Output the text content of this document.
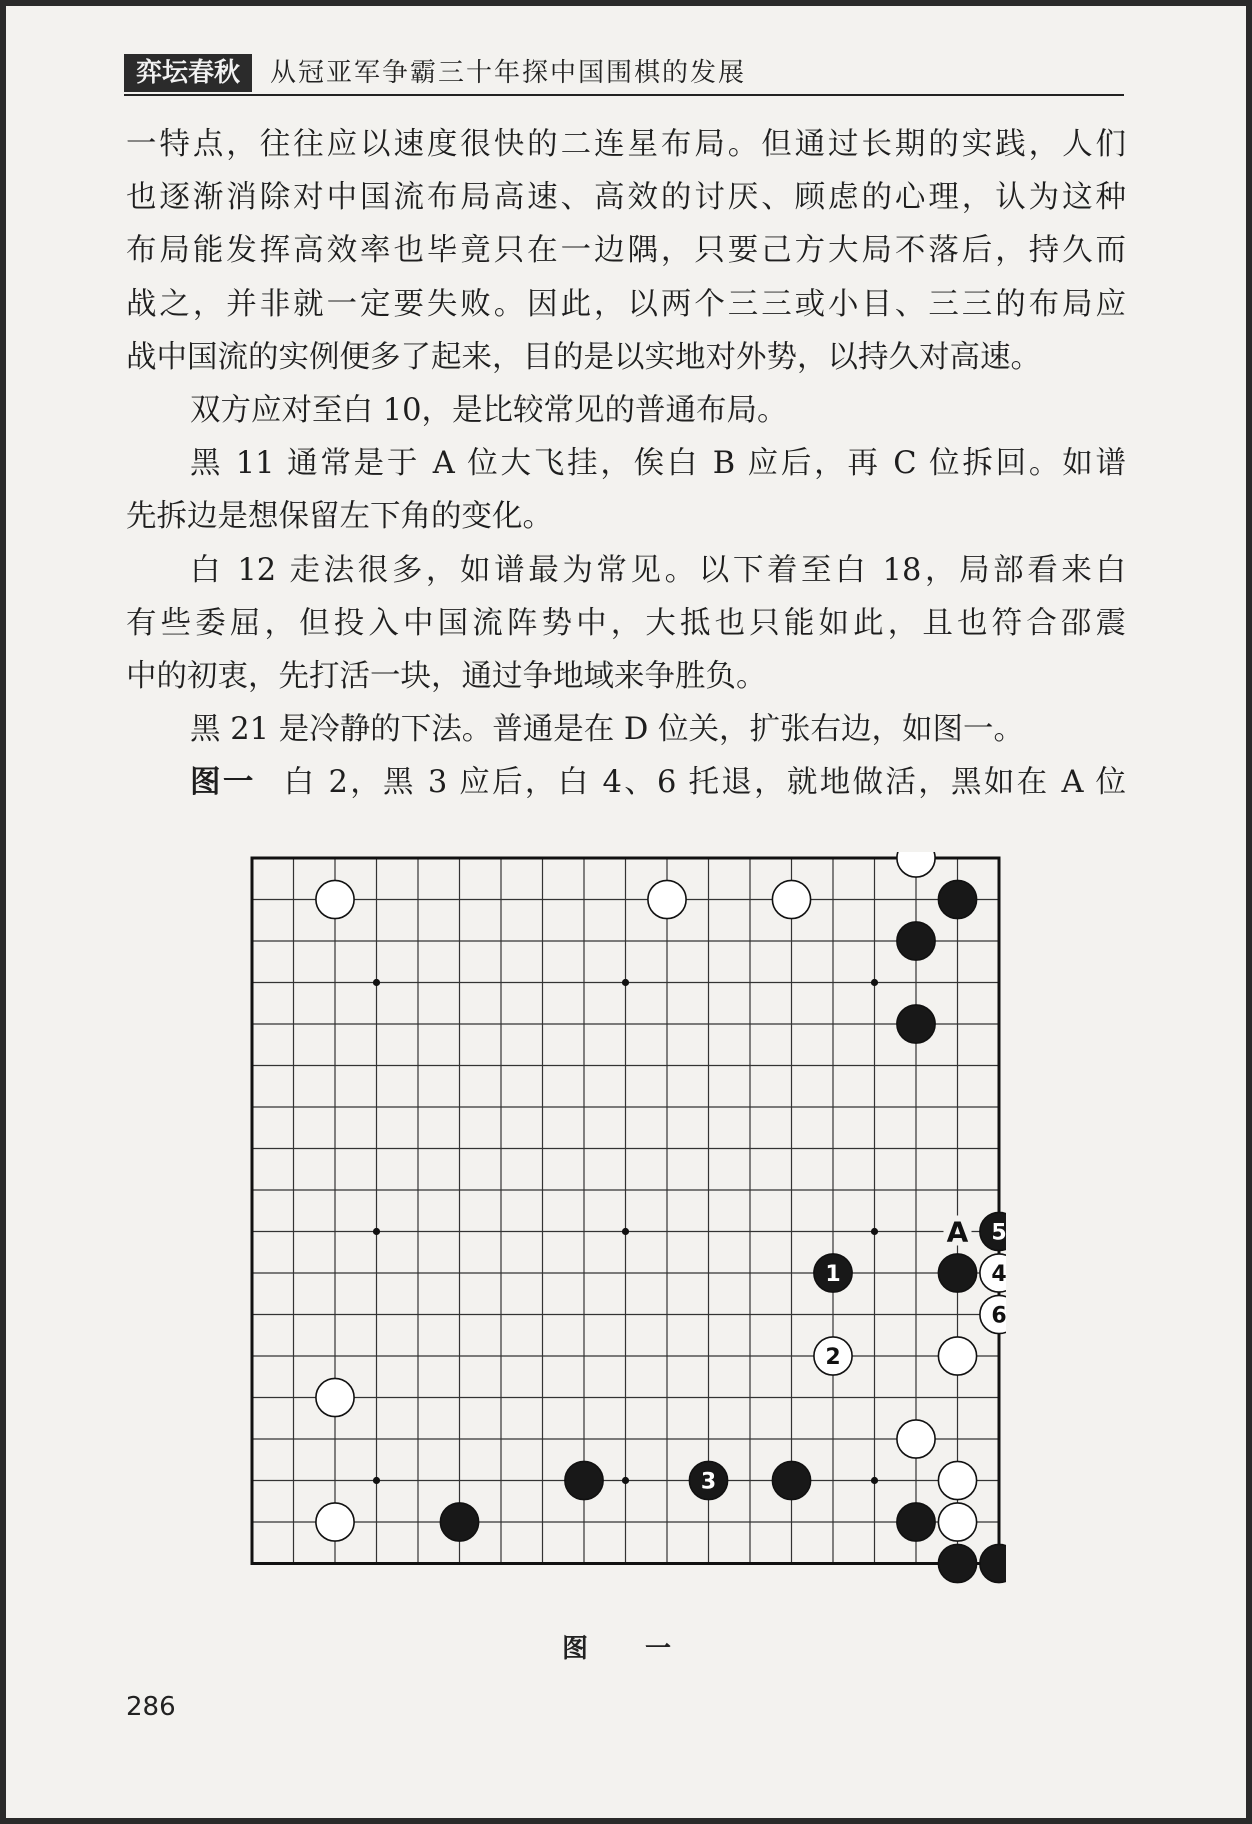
弈坛春秋	从冠亚军争霸三十年探中国围棋的发展

一特点，往往应以速度很快的二连星布局。但通过长期的实践，人们

也逐渐消除对中国流布局高速、高效的讨厌、顾虑的心理，认为这种

布局能发挥高效率也毕竟只在一边隅，只要己方大局不落后，持久而

战之，并非就一定要失败。因此，以两个三三或小目、三三的布局应

战中国流的实例便多了起来，目的是以实地对外势，以持久对高速。

双方应对至白 10，是比较常见的普通布局。

黑 11 通常是于 A 位大飞挂，俟白 B 应后，再 C 位拆回。如谱

先拆边是想保留左下角的变化。

白 12 走法很多，如谱最为常见。以下着至白 18，局部看来白

有些委屈，但投入中国流阵势中，大抵也只能如此，且也符合邵震

中的初衷，先打活一块，通过争地域来争胜负。

黑 21 是冷静的下法。普通是在 D 位关，扩张右边，如图一。

图一 白 2，黑 3 应后，白 4、6 托退，就地做活，黑如在 A 位

1
3
5
2
4
6
A
图 一
286
